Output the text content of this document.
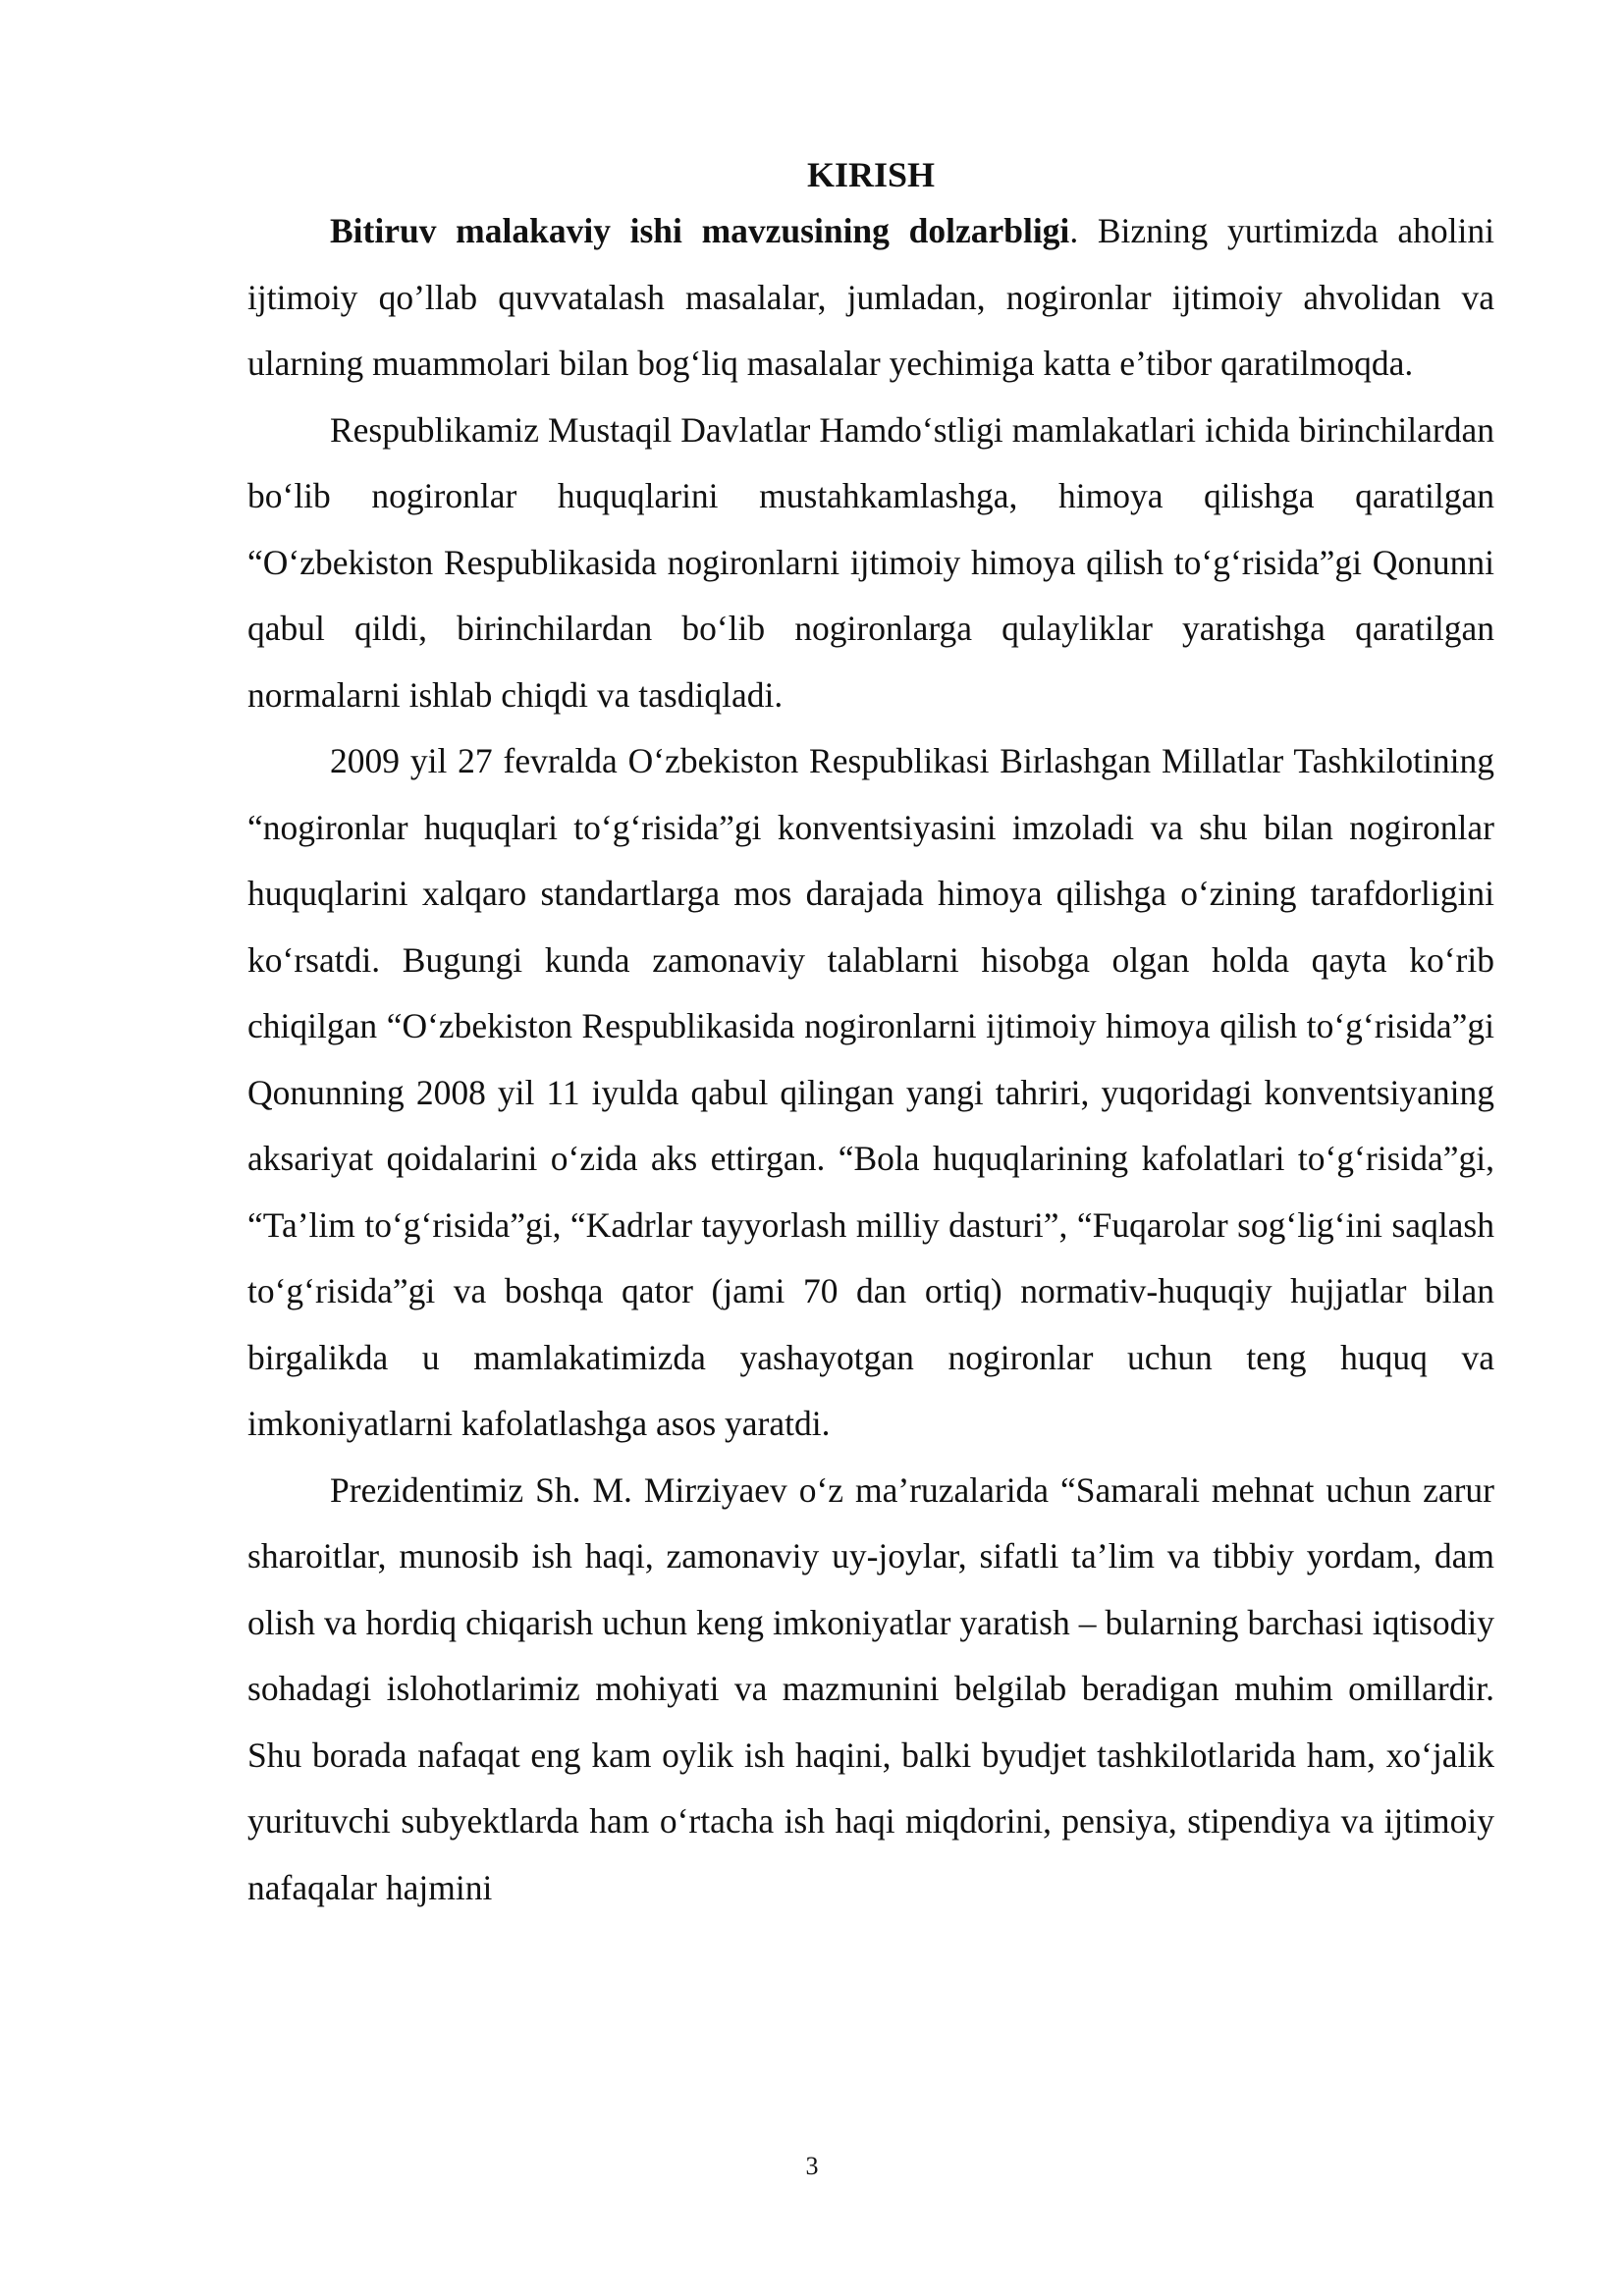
KIRISH

Bitiruv malakaviy ishi mavzusining dolzarbligi. Bizning yurtimizda aholini ijtimoiy qo’llab quvvatalash masalalar, jumladan, nogironlar ijtimoiy ahvolidan va ularning muammolari bilan bog‘liq masalalar yechimiga katta e’tibor qaratilmoqda.

Respublikamiz Mustaqil Davlatlar Hamdo‘stligi mamlakatlari ichida birinchilardan bo‘lib nogironlar huquqlarini mustahkamlashga, himoya qilishga qaratilgan “O‘zbekiston Respublikasida nogironlarni ijtimoiy himoya qilish to‘g‘risida”gi Qonunni qabul qildi, birinchilardan bo‘lib nogironlarga qulayliklar yaratishga qaratilgan normalarni ishlab chiqdi va tasdiqladi.

2009 yil 27 fevralda O‘zbekiston Respublikasi Birlashgan Millatlar Tashkilotining “nogironlar huquqlari to‘g‘risida”gi konventsiyasini imzoladi va shu bilan nogironlar huquqlarini xalqaro standartlarga mos darajada himoya qilishga o‘zining tarafdorligini ko‘rsatdi. Bugungi kunda zamonaviy talablarni hisobga olgan holda qayta ko‘rib chiqilgan “O‘zbekiston Respublikasida nogironlarni ijtimoiy himoya qilish to‘g‘risida”gi Qonunning 2008 yil 11 iyulda qabul qilingan yangi tahriri, yuqoridagi konventsiyaning aksariyat qoidalarini o‘zida aks ettirgan. “Bola huquqlarining kafolatlari to‘g‘risida”gi, “Ta’lim to‘g‘risida”gi, “Kadrlar tayyorlash milliy dasturi”, “Fuqarolar sog‘lig‘ini saqlash to‘g‘risida”gi va boshqa qator (jami 70 dan ortiq) normativ-huquqiy hujjatlar bilan birgalikda u mamlakatimizda yashayotgan nogironlar uchun teng huquq va imkoniyatlarni kafolatlashga asos yaratdi.

Prezidentimiz Sh. M. Mirziyaev o‘z ma’ruzalarida “Samarali mehnat uchun zarur sharoitlar, munosib ish haqi, zamonaviy uy-joylar, sifatli ta’lim va tibbiy yordam, dam olish va hordiq chiqarish uchun keng imkoniyatlar yaratish – bularning barchasi iqtisodiy sohadagi islohotlarimiz mohiyati va mazmunini belgilab beradigan muhim omillardir. Shu borada nafaqat eng kam oylik ish haqini, balki byudjet tashkilotlarida ham, xo‘jalik yurituvchi subyektlarda ham o‘rtacha ish haqi miqdorini, pensiya, stipendiya va ijtimoiy nafaqalar hajmini

3
